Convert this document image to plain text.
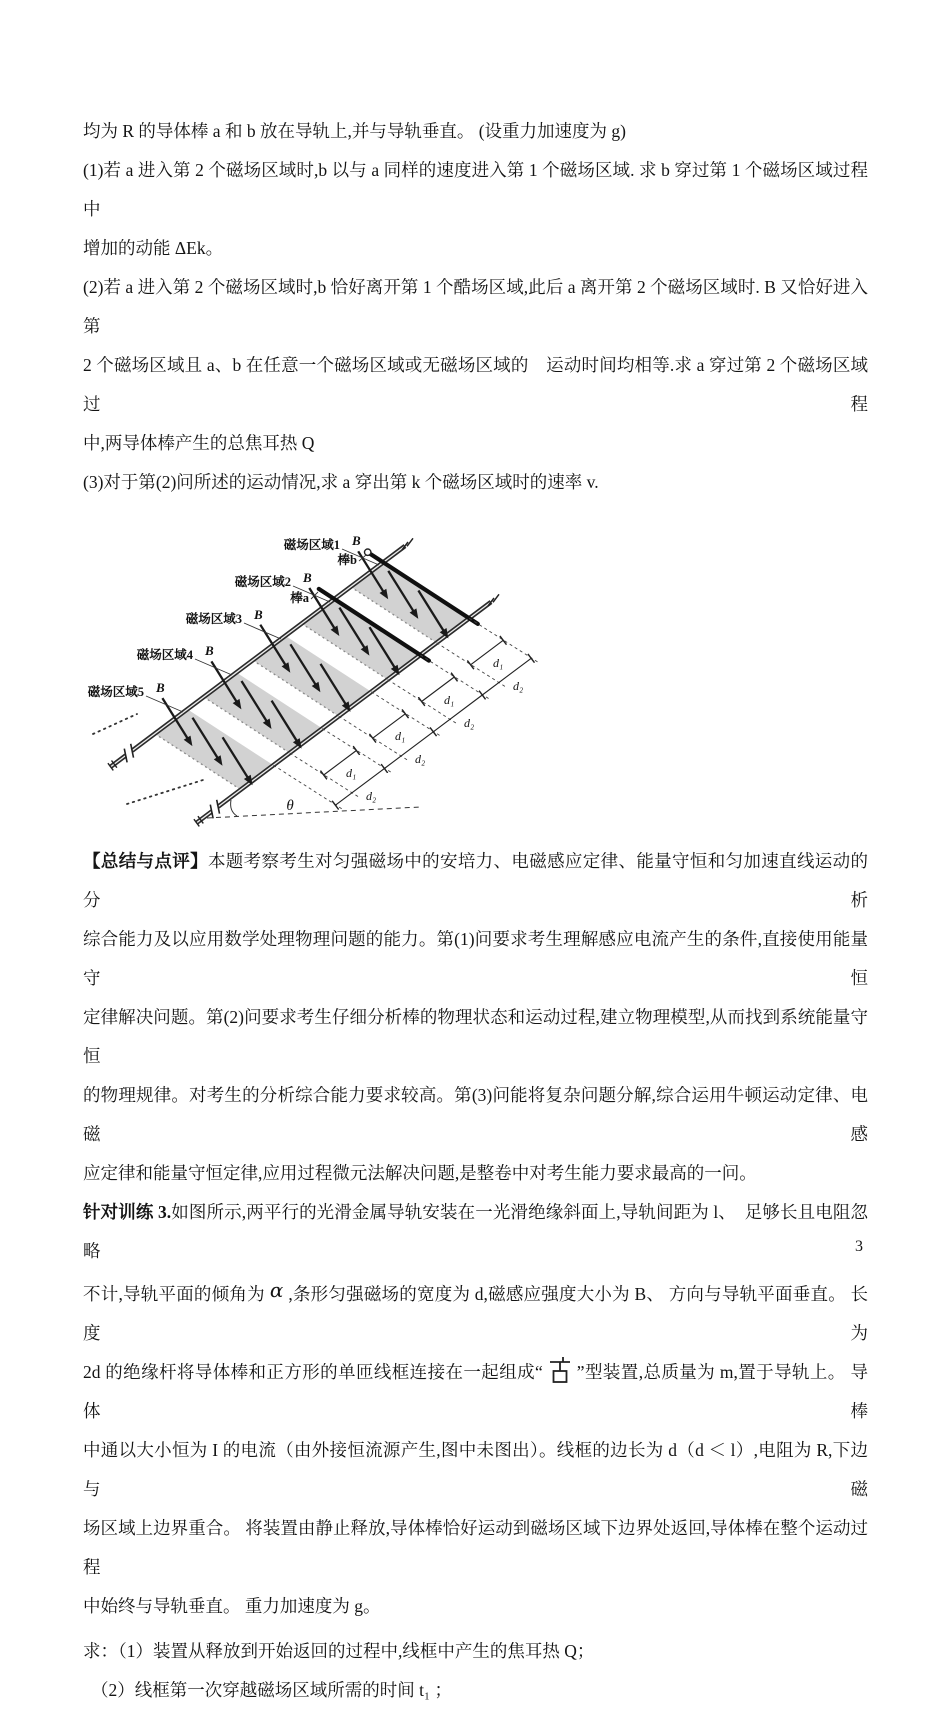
均为 R 的导体棒 a 和 b 放在导轨上,并与导轨垂直。 (设重力加速度为 g)
(1)若 a 进入第 2 个磁场区域时,b 以与 a 同样的速度进入第 1 个磁场区域. 求 b 穿过第 1 个磁场区域过程中
增加的动能 ΔEk。
(2)若 a 进入第 2 个磁场区域时,b 恰好离开第 1 个酷场区域,此后 a 离开第 2 个磁场区域时. B 又恰好进入第
2 个磁场区域且 a、b 在任意一个磁场区域或无磁场区域的　运动时间均相等.求 a 穿过第 2 个磁场区域过程
中,两导体棒产生的总焦耳热 Q
(3)对于第(2)问所述的运动情况,求 a 穿出第 k 个磁场区域时的速率 v.
磁场区域1
磁场区域2
磁场区域3
磁场区域4
磁场区域5
棒b
棒a
B
B
B
B
B
d₁
d₁
d₁
d₁
d₂
d₂
d₂
d₂
θ
【总结与点评】本题考察考生对匀强磁场中的安培力、电磁感应定律、能量守恒和匀加速直线运动的分析
综合能力及以应用数学处理物理问题的能力。第(1)问要求考生理解感应电流产生的条件,直接使用能量守恒
定律解决问题。第(2)问要求考生仔细分析棒的物理状态和运动过程,建立物理模型,从而找到系统能量守恒
的物理规律。对考生的分析综合能力要求较高。第(3)问能将复杂问题分解,综合运用牛顿运动定律、电磁感
应定律和能量守恒定律,应用过程微元法解决问题,是整卷中对考生能力要求最高的一问。
针对训练 3.如图所示,两平行的光滑金属导轨安装在一光滑绝缘斜面上,导轨间距为 l、　足够长且电阻忽略
不计,导轨平面的倾角为 α ,条形匀强磁场的宽度为 d,磁感应强度大小为 B、 方向与导轨平面垂直。 长度为
2d 的绝缘杆将导体棒和正方形的单匝线框连接在一起组成“ ”型装置,总质量为 m,置于导轨上。 导体棒
中通以大小恒为 I 的电流（由外接恒流源产生,图中未图出）。线框的边长为 d（d ＜ l）,电阻为 R,下边与磁
场区域上边界重合。 将装置由静止释放,导体棒恰好运动到磁场区域下边界处返回,导体棒在整个运动过程
中始终与导轨垂直。 重力加速度为 g。
求：（1）装置从释放到开始返回的过程中,线框中产生的焦耳热 Q；
（2）线框第一次穿越磁场区域所需的时间 t₁ ；
3
